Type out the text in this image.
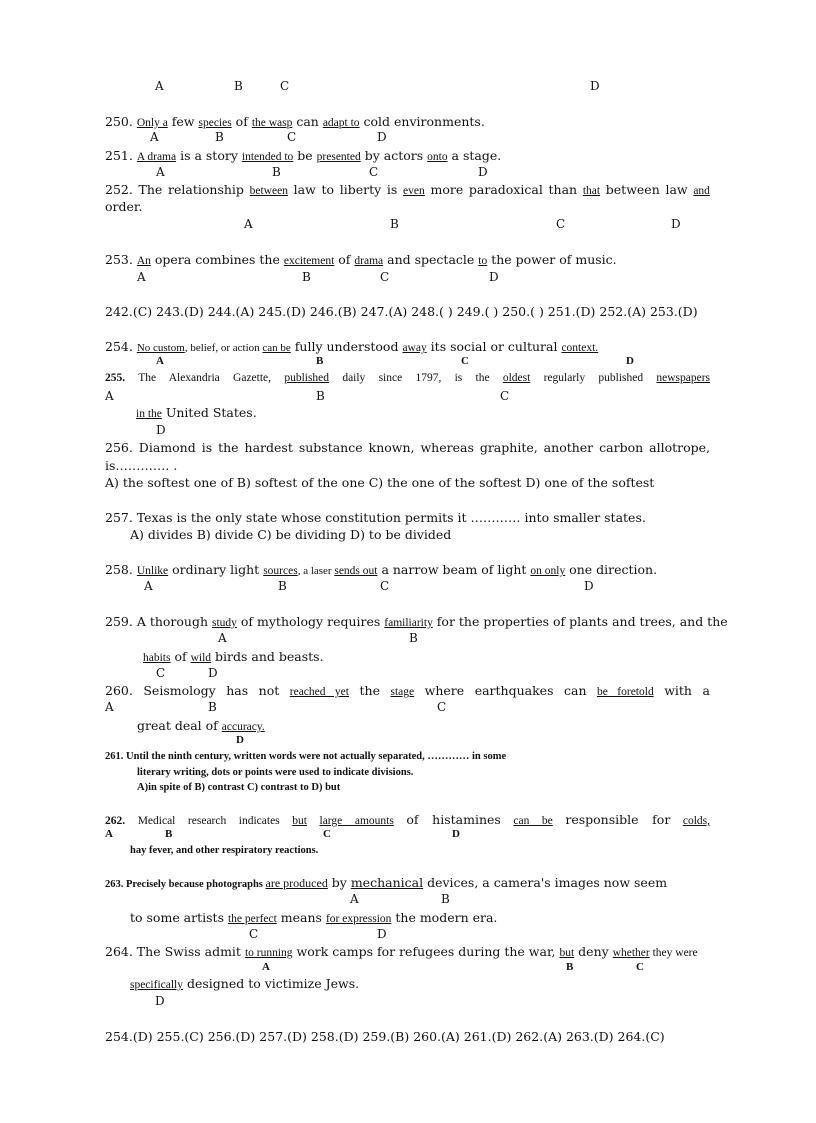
A	B	C	D
250. Only a few species of the wasp can adapt to cold environments.
A	B	C	D
251. A drama is a story intended to be presented by actors onto a stage.
A	B	C	D
252. The relationship between law to liberty is even more paradoxical than that between law and
order.
A	B	C	D
253. An opera combines the excitement of drama and spectacle to the power of music.
A	B	C	D
242.(C) 243.(D) 244.(A) 245.(D) 246.(B) 247.(A) 248.( ) 249.( ) 250.( ) 251.(D) 252.(A) 253.(D)
254. No custom, belief, or action can be fully understood away its social or cultural context.
A	B	C	D
255. The Alexandria Gazette, published daily since 1797, is the oldest regularly published newspapers
A	B	C
in the United States.
D
256. Diamond is the hardest substance known, whereas graphite, another carbon allotrope,
is…………. .
A) the softest one of B) softest of the one C) the one of the softest D) one of the softest
257. Texas is the only state whose constitution permits it ………… into smaller states.
A) divides B) divide C) be dividing D) to be divided
258. Unlike ordinary light sources, a laser sends out a narrow beam of light on only one direction.
A	B	C	D
259. A thorough study of mythology requires familiarity for the properties of plants and trees, and the
A	B
habits of wild birds and beasts.
C	D
260. Seismology has not reached yet the stage where earthquakes can be foretold with a
A	B	C
great deal of accuracy.
D
261. Until the ninth century, written words were not actually separated, ………… in some
literary writing, dots or points were used to indicate divisions.
A)in spite of B) contrast C) contrast to D) but
262. Medical research indicates but large amounts of histamines can be responsible for colds,
A	B	C	D
hay fever, and other respiratory reactions.
263. Precisely because photographs are produced by mechanical devices, a camera's images now seem
A	B
to some artists the perfect means for expression the modern era.
C	D
264. The Swiss admit to running work camps for refugees during the war, but deny whether they were
A	B	C
specifically designed to victimize Jews.
D
254.(D) 255.(C) 256.(D) 257.(D) 258.(D) 259.(B) 260.(A) 261.(D) 262.(A) 263.(D) 264.(C)
